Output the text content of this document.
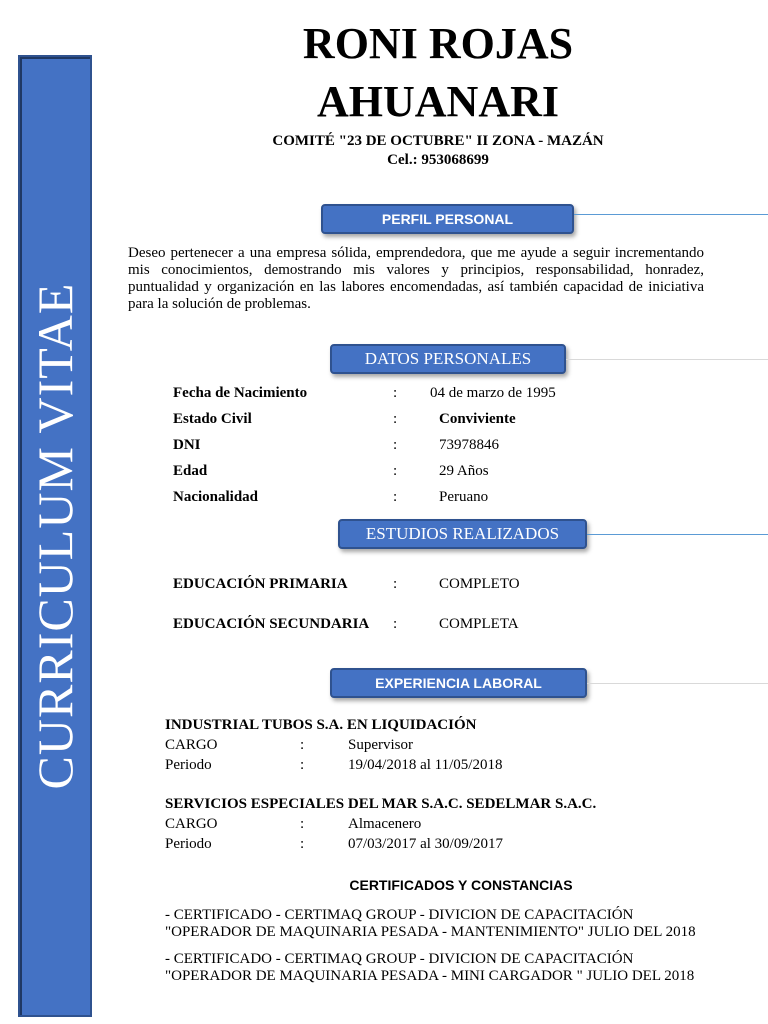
CURRICULUM VITAE
RONI ROJAS
AHUANARI
COMITÉ "23 DE OCTUBRE" II ZONA - MAZÁN
Cel.: 953068699
PERFIL PERSONAL
Deseo pertenecer a una empresa sólida, emprendedora, que me ayude a seguir incrementando mis conocimientos, demostrando mis valores y principios, responsabilidad, honradez, puntualidad y organización en las labores encomendadas, así también capacidad de iniciativa para la solución de problemas.
DATOS PERSONALES
Fecha de Nacimiento	: 04 de marzo de 1995
Estado Civil	:	Conviviente
DNI	:	73978846
Edad	:	29 Años
Nacionalidad	:	Peruano
ESTUDIOS REALIZADOS
EDUCACIÓN PRIMARIA	:	COMPLETO
EDUCACIÓN SECUNDARIA :	COMPLETA
EXPERIENCIA LABORAL
INDUSTRIAL TUBOS S.A. EN LIQUIDACIÓN
CARGO	:	Supervisor
Periodo	:	19/04/2018 al 11/05/2018
SERVICIOS ESPECIALES DEL MAR S.A.C. SEDELMAR S.A.C.
CARGO	:	Almacenero
Periodo	:	07/03/2017 al 30/09/2017
CERTIFICADOS Y CONSTANCIAS
- CERTIFICADO - CERTIMAQ GROUP - DIVICION DE CAPACITACIÓN
"OPERADOR DE MAQUINARIA PESADA - MANTENIMIENTO" JULIO DEL 2018
- CERTIFICADO - CERTIMAQ GROUP - DIVICION DE CAPACITACIÓN
"OPERADOR DE MAQUINARIA PESADA - MINI CARGADOR " JULIO DEL 2018
